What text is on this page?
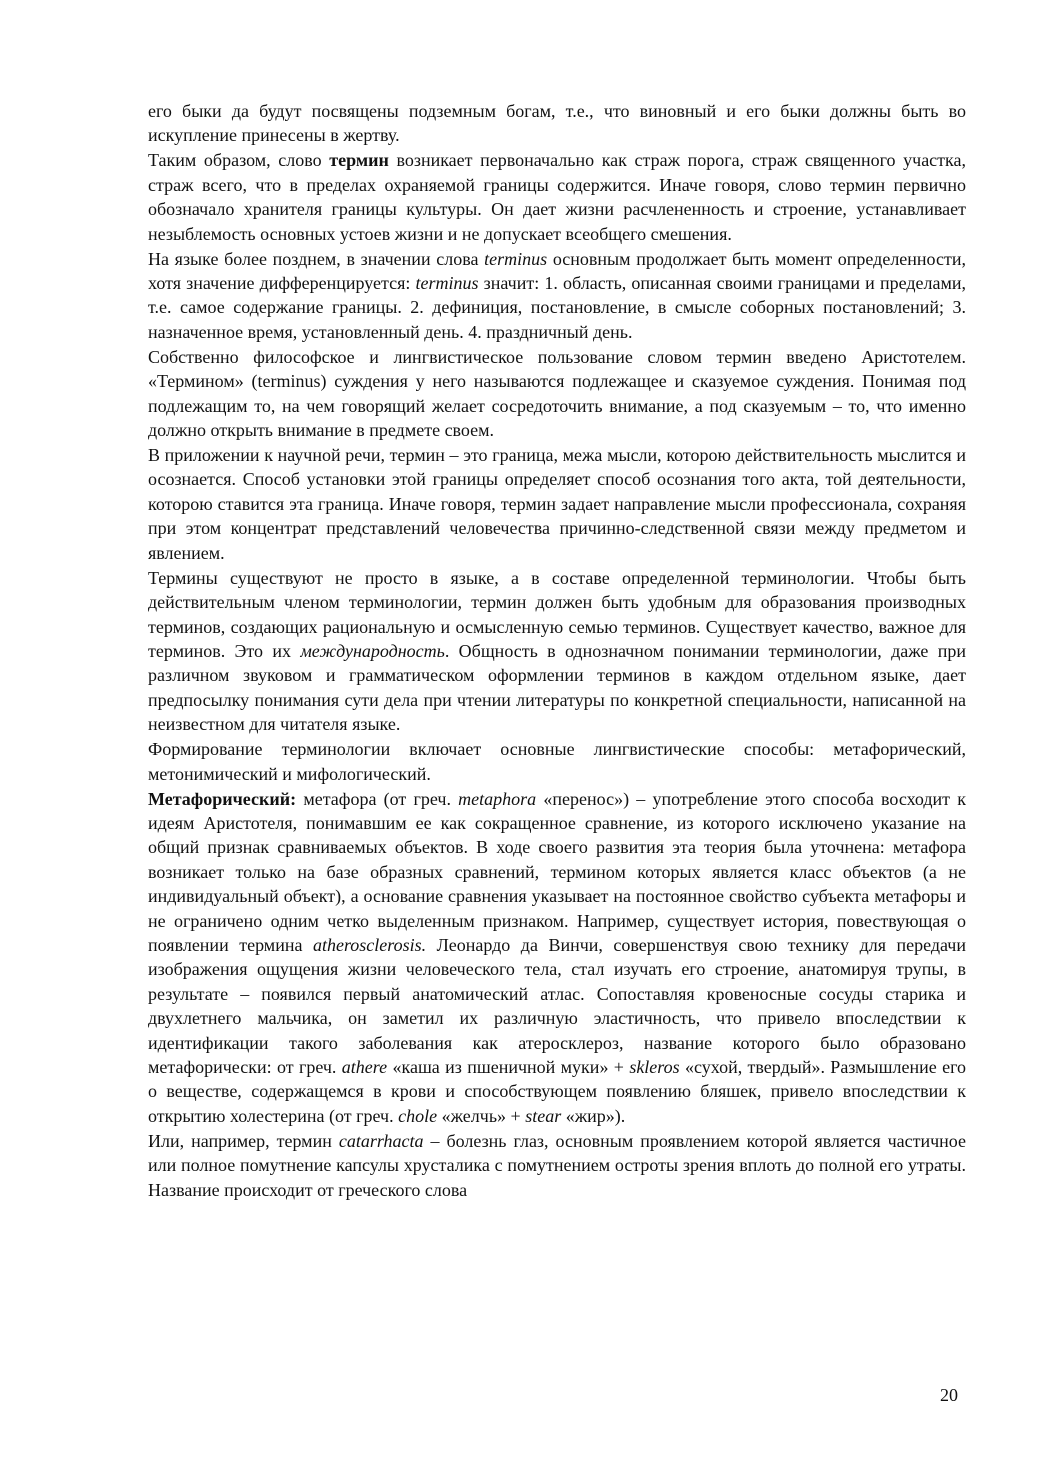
его быки да будут посвящены подземным богам, т.е., что виновный и его быки должны быть во искупление принесены в жертву.

Таким образом, слово термин возникает первоначально как страж порога, страж священного участка, страж всего, что в пределах охраняемой границы содержится. Иначе говоря, слово термин первично обозначало хранителя границы культуры. Он дает жизни расчлененность и строение, устанавливает незыблемость основных устоев жизни и не допускает всеобщего смешения.

На языке более позднем, в значении слова terminus основным продолжает быть момент определенности, хотя значение дифференцируется: terminus значит: 1. область, описанная своими границами и пределами, т.е. самое содержание границы. 2. дефиниция, постановление, в смысле соборных постановлений; 3. назначенное время, установленный день. 4. праздничный день.

Собственно философское и лингвистическое пользование словом термин введено Аристотелем. «Термином» (terminus) суждения у него называются подлежащее и сказуемое суждения. Понимая под подлежащим то, на чем говорящий желает сосредоточить внимание, а под сказуемым – то, что именно должно открыть внимание в предмете своем.

В приложении к научной речи, термин – это граница, межа мысли, которою действительность мыслится и осознается. Способ установки этой границы определяет способ осознания того акта, той деятельности, которою ставится эта граница. Иначе говоря, термин задает направление мысли профессионала, сохраняя при этом концентрат представлений человечества причинно-следственной связи между предметом и явлением.

Термины существуют не просто в языке, а в составе определенной терминологии. Чтобы быть действительным членом терминологии, термин должен быть удобным для образования производных терминов, создающих рациональную и осмысленную семью терминов. Существует качество, важное для терминов. Это их международность. Общность в однозначном понимании терминологии, даже при различном звуковом и грамматическом оформлении терминов в каждом отдельном языке, дает предпосылку понимания сути дела при чтении литературы по конкретной специальности, написанной на неизвестном для читателя языке.

Формирование терминологии включает основные лингвистические способы: метафорический, метонимический и мифологический.

Метафорический: метафора (от греч. metaphora «перенос») – употребление этого способа восходит к идеям Аристотеля, понимавшим ее как сокращенное сравнение, из которого исключено указание на общий признак сравниваемых объектов. В ходе своего развития эта теория была уточнена: метафора возникает только на базе образных сравнений, термином которых является класс объектов (а не индивидуальный объект), а основание сравнения указывает на постоянное свойство субъекта метафоры и не ограничено одним четко выделенным признаком. Например, существует история, повествующая о появлении термина atherosclerosis. Леонардо да Винчи, совершенствуя свою технику для передачи изображения ощущения жизни человеческого тела, стал изучать его строение, анатомируя трупы, в результате – появился первый анатомический атлас. Сопоставляя кровеносные сосуды старика и двухлетнего мальчика, он заметил их различную эластичность, что привело впоследствии к идентификации такого заболевания как атеросклероз, название которого было образовано метафорически: от греч. athere «каша из пшеничной муки» + skleros «сухой, твердый». Размышление его о веществе, содержащемся в крови и способствующем появлению бляшек, привело впоследствии к открытию холестерина (от греч. chole «желчь» + stear «жир»).

Или, например, термин catarrhacta – болезнь глаз, основным проявлением которой является частичное или полное помутнение капсулы хрусталика с помутнением остроты зрения вплоть до полной его утраты. Название происходит от греческого слова

20
